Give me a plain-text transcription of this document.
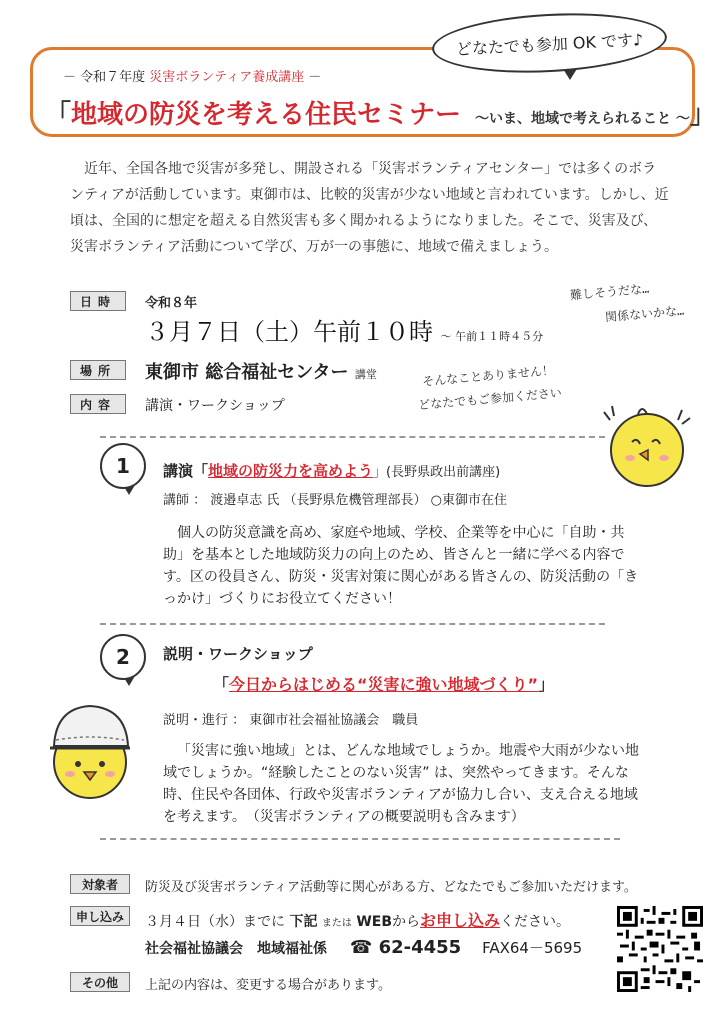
－ 令和７年度 災害ボランティア養成講座 －
「地域の防災を考える住民セミナー ～いま、地域で考えられること ～」
どなたでも参加 OK です♪
近年、全国各地で災害が多発し、開設される「災害ボランティアセンター」では多くのボランティアが活動しています。東御市は、比較的災害が少ない地域と言われています。しかし、近頃は、全国的に想定を超える自然災害も多く聞かれるようになりました。そこで、災害及び、災害ボランティア活動について学び、万が一の事態に、地域で備えましょう。
日時	令和８年
３月７日（土）午前１０時 ～ 午前１１時４５分
場所	東御市 総合福祉センター 講堂
内容	講演・ワークショップ
難しそうだな…
関係ないかな…
そんなことありません！
どなたでもご参加ください
1	講演「地域の防災力を高めよう」(長野県政出前講座)
講師 ： 渡邉卓志 氏 （長野県危機管理部長） ○東御市在住
個人の防災意識を高め、家庭や地域、学校、企業等を中心に「自助・共助」を基本とした地域防災力の向上のため、皆さんと一緒に学べる内容です。区の役員さん、防災・災害対策に関心がある皆さんの、防災活動の「きっかけ」づくりにお役立てください！
2	説明・ワークショップ
「今日からはじめる“災害に強い地域づくり”」
説明・進行 ： 東御市社会福祉協議会　職員
「災害に強い地域」とは、どんな地域でしょうか。地震や大雨が少ない地域でしょうか。“経験したことのない災害” は、突然やってきます。そんな時、住民や各団体、行政や災害ボランティアが協力し合い、支え合える地域を考えます。　（災害ボランティアの概要説明も含みます）
対象者	防災及び災害ボランティア活動等に関心がある方、どなたでもご参加いただけます。
申し込み	３月４日（水）までに 下記 または WEBからお申し込みください。
社会福祉協議会　地域福祉係 ☎ 62-4455 FAX64－5695
その他	上記の内容は、変更する場合があります。
